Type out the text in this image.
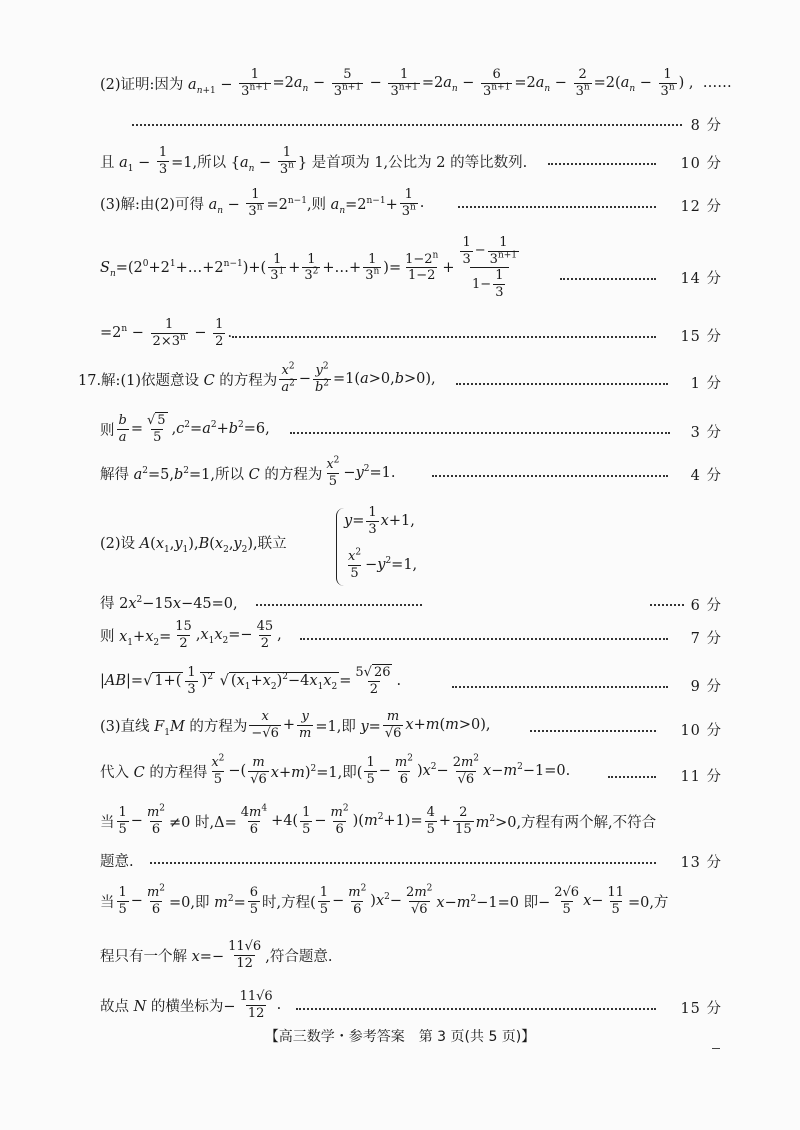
(2)证明:因为 $a_{n+1} - \frac{1}{3^{n+1}} =2a_n - \frac{5}{3^{n+1}} - \frac{1}{3^{n+1}} =2a_n - \frac{6}{3^{n+1}} =2a_n - \frac{2}{3^n} =2(a_n - \frac{1}{3^n}$ ) ,  ……
8 分
且 $a_1 - \frac{1}{3} =1$,所以 {$a_n - \frac{1}{3^n}$ } 是首项为 1,公比为 2 的等比数列.	10 分
(3)解:由(2)可得 $a_n - \frac{1}{3^n} =2^{n-1}$,则 $a_n=2^{n-1}+ \frac{1}{3^n}$ .	12 分
$S_n=(2^0+2^1+\dots+2^{n-1})+( \frac{1}{3^1} + \frac{1}{3^2}$ +…+ $\frac{1}{3^n}$ )= $\frac{1-2^n}{1-2} + \frac{\frac{1}{3} - \frac{1}{3^{n+1}}}{1- \frac{1}{3}}$	14 分
$=2^n - \frac{1}{2\times 3^n} - \frac{1}{2}$ .	15 分
17.解:(1)依题意设 C 的方程为 $\frac{x^2}{a^2} - \frac{y^2}{b^2} =1(a>0,b>0)$,	1 分
则 $\frac{b}{a} = \frac{√ 5}{5} ,c^2=a^2+b^2=6$,	3 分
解得 $a^2=5,b^2=1$,所以 C 的方程为 $\frac{x^2}{5} -y^2=1$.	4 分
(2)设 $A(x_1,y_1),B(x_2,y_2)$,联立
$y= \frac{1}{3} x+1$,
$\frac{x^2}{5} -y^2=1$,
得 $2x^2-15x-45=0$,	6 分
则 $x_1+x_2= \frac{15}{2} ,x_1x_2=- \frac{45}{2}$ ,	7 分
|AB|= √ $1+( \frac{1}{3} )^2$ √ $(x_1+x_2)^2-4x_1x_2 = \frac{5√ 26}{2}$ .	9 分
(3)直线 $F_1M$ 的方程为 $\frac{x}{-√6} + \frac{y}{m} =1$,即 $y= \frac{m}{√6} x+m(m>0)$,	10 分
代入 C 的方程得 $\frac{x^2}{5}$ −( $\frac{m}{√6} x+m)^2=1$,即( $\frac{1}{5} - \frac{m^2}{6} )x^2- \frac{2m^2}{√6} x-m^2-1=0$.	11 分
当 $\frac{1}{5} - \frac{m^2}{6} \ne 0$ 时$,\Delta= \frac{4m^4}{6} +4( \frac{1}{5} - \frac{m^2}{6} )(m^2+1)= \frac{4}{5} + \frac{2}{15} m^2>0$,方程有两个解,不符合
题意.	13 分
当 $\frac{1}{5} - \frac{m^2}{6} =0$,即 $m^2= \frac{6}{5}$ 时,方程( $\frac{1}{5} - \frac{m^2}{6} )x^2- \frac{2m^2}{√6} x-m^2-1=0$ 即− $\frac{2√6}{5} x- \frac{11}{5} =0$,方
程只有一个解 $x=- \frac{11√6}{12}$ ,符合题意.
故点 N 的横坐标为− $\frac{11√6}{12}$ .	15 分
【高三数学・参考答案　第 3 页(共 5 页)】
